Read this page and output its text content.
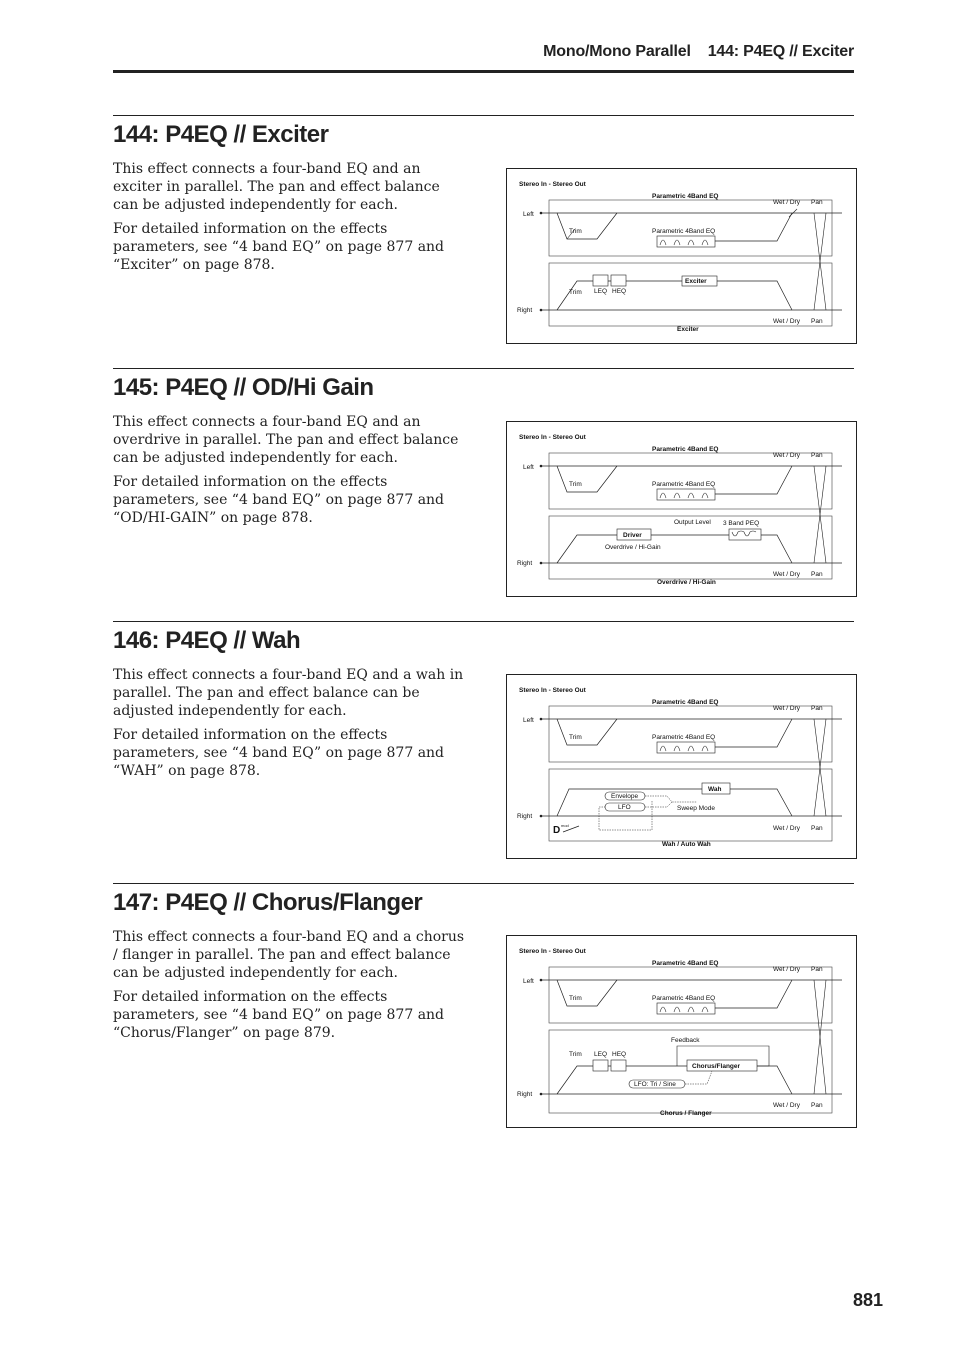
Mono/Mono Parallel 144: P4EQ // Exciter
144: P4EQ // Exciter

This effect connects a four-band EQ and an exciter in parallel. The pan and effect balance can be adjusted independently for each.

For detailed information on the effects parameters, see “4 band EQ” on page 877 and “Exciter” on page 878.

Stereo In - Stereo Out
Parametric 4Band EQ
Left
Trim	Parametric 4Band EQ
Wet / Dry Pan
Right
Trim LEQ HEQ
Exciter
Wet / Dry Pan
Exciter
145: P4EQ // OD/Hi Gain

This effect connects a four-band EQ and an overdrive in parallel. The pan and effect balance can be adjusted independently for each.

For detailed information on the effects parameters, see “4 band EQ” on page 877 and “OD/HI-GAIN” on page 878.

Stereo In - Stereo Out
Parametric 4Band EQ
Left
Trim	Parametric 4Band EQ
Wet / Dry Pan
Right
Driver
Overdrive / Hi-Gain
Output Level 3 Band PEQ
Wet / Dry Pan
Overdrive / Hi-Gain
146: P4EQ // Wah

This effect connects a four-band EQ and a wah in parallel. The pan and effect balance can be adjusted independently for each.

For detailed information on the effects parameters, see “4 band EQ” on page 877 and “WAH” on page 878.

Stereo In - Stereo Out
Parametric 4Band EQ
Left
Trim	Parametric 4Band EQ
Wet / Dry Pan
Right
Wah
Envelope
LFO	Sweep Mode
D mod	Wet / Dry Pan
Wah / Auto Wah
147: P4EQ // Chorus/Flanger

This effect connects a four-band EQ and a chorus / flanger in parallel. The pan and effect balance can be adjusted independently for each.

For detailed information on the effects parameters, see “4 band EQ” on page 877 and “Chorus/Flanger” on page 879.

Stereo In - Stereo Out
Parametric 4Band EQ
Left
Trim	Parametric 4Band EQ
Wet / Dry Pan
Right
Trim LEQ HEQ
Feedback
Chorus/Flanger
LFO: Tri / Sine
Wet / Dry Pan
Chorus / Flanger
881
